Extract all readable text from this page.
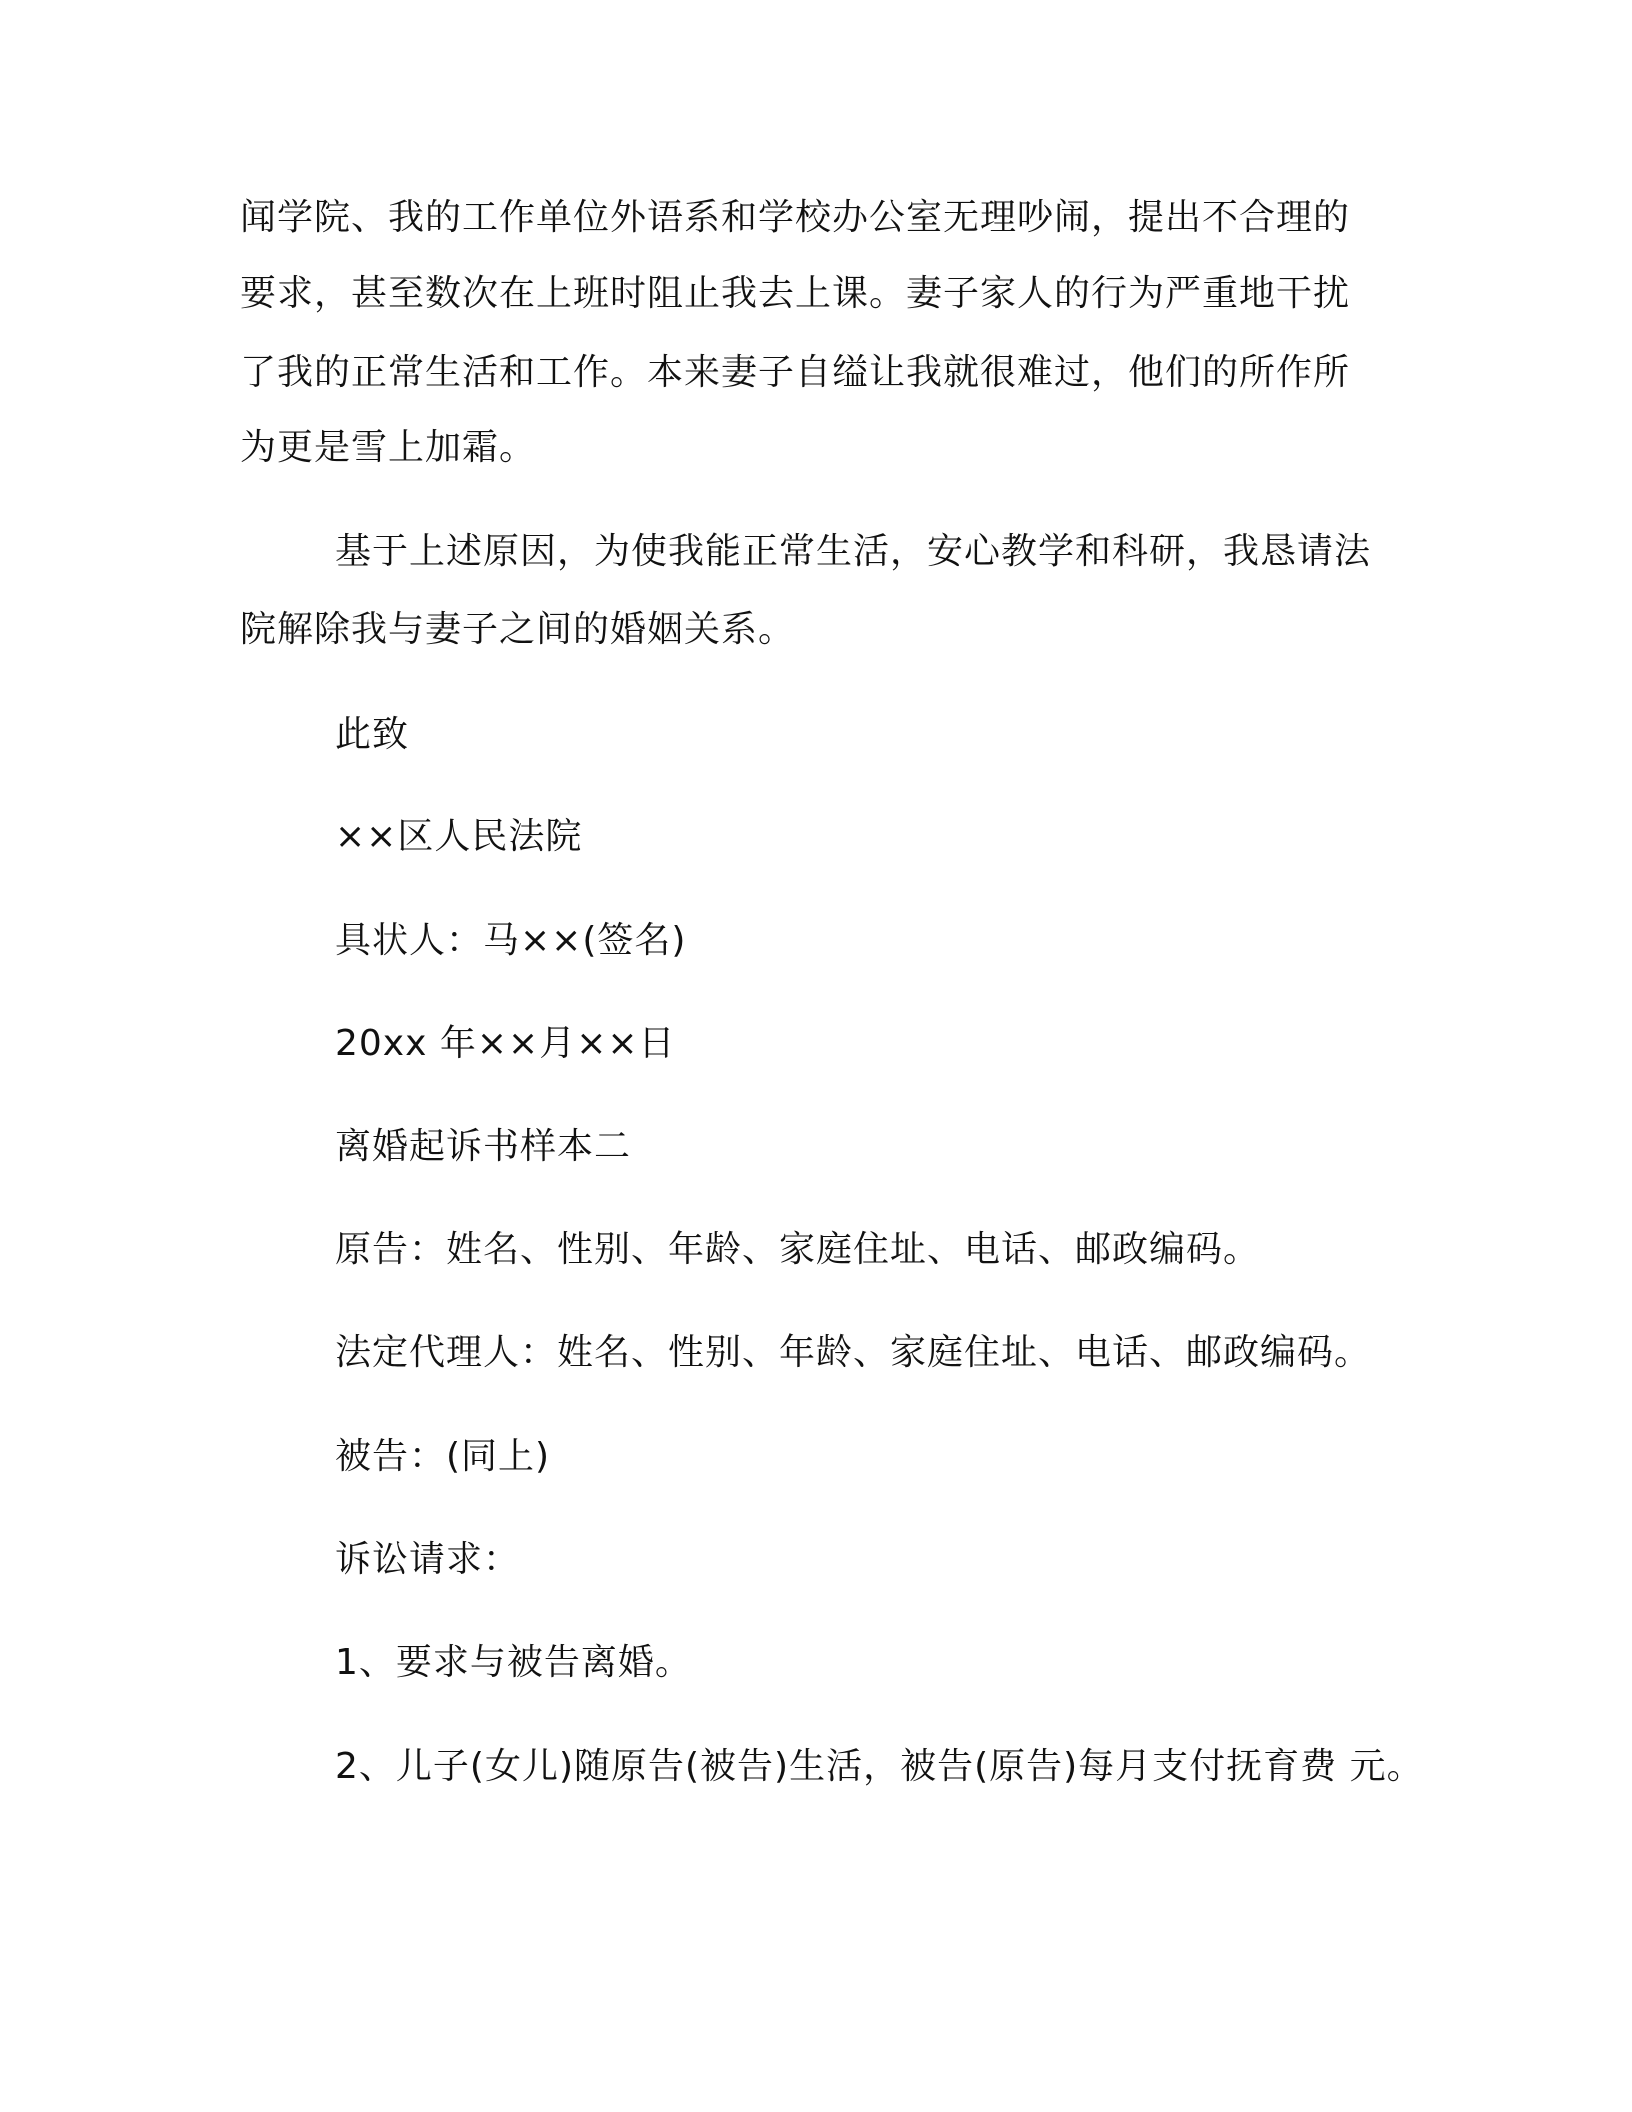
闻学院、我的工作单位外语系和学校办公室无理吵闹，提出不合理的
要求，甚至数次在上班时阻止我去上课。妻子家人的行为严重地干扰
了我的正常生活和工作。本来妻子自缢让我就很难过，他们的所作所
为更是雪上加霜。
基于上述原因，为使我能正常生活，安心教学和科研，我恳请法
院解除我与妻子之间的婚姻关系。
此致
××区人民法院
具状人：马××(签名)
20xx 年××月××日
离婚起诉书样本二
原告：姓名、性别、年龄、家庭住址、电话、邮政编码。
法定代理人：姓名、性别、年龄、家庭住址、电话、邮政编码。
被告：(同上)
诉讼请求：
1、要求与被告离婚。
2、儿子(女儿)随原告(被告)生活，被告(原告)每月支付抚育费 元。
